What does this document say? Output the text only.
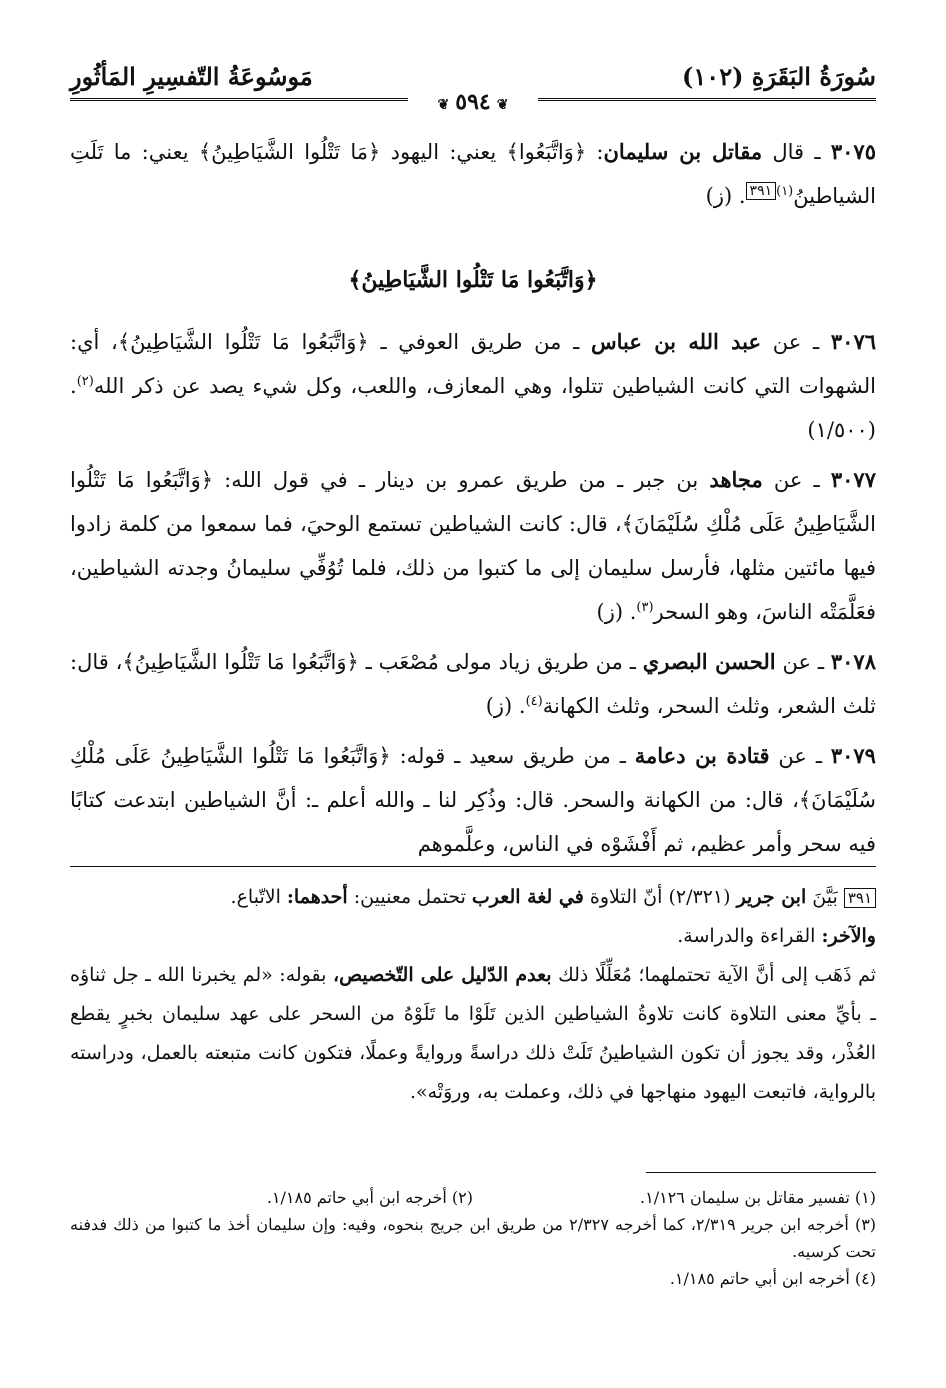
سُورَةُ البَقَرَةِ (١٠٢)
مَوسُوعَةُ التّفسِيرِ المَأثُورِ
❦٥٩٤❦

٣٠٧٥ ـ قال مقاتل بن سليمان: ﴿وَاتَّبَعُوا﴾ يعني: اليهود ﴿مَا تَتْلُوا الشَّيَاطِينُ﴾ يعني: ما تَلَتِ الشياطينُ$^{(١)٣٩١}$. (ز)

﴿وَاتَّبَعُوا مَا تَتْلُوا الشَّيَاطِينُ﴾

٣٠٧٦ ـ عن عبد الله بن عباس ـ من طريق العوفي ـ ﴿وَاتَّبَعُوا مَا تَتْلُوا الشَّيَاطِينُ﴾، أي: الشهوات التي كانت الشياطين تتلوا، وهي المعازف، واللعب، وكل شيء يصد عن ذكر الله$^{(٢)}$. (١/٥٠٠)

٣٠٧٧ ـ عن مجاهد بن جبر ـ من طريق عمرو بن دينار ـ في قول الله: ﴿وَاتَّبَعُوا مَا تَتْلُوا الشَّيَاطِينُ عَلَى مُلْكِ سُلَيْمَانَ﴾، قال: كانت الشياطين تستمع الوحيَ، فما سمعوا من كلمة زادوا فيها مائتين مثلها، فأرسل سليمان إلى ما كتبوا من ذلك، فلما تُوُفِّي سليمانُ وجدته الشياطين، فعَلَّمَتْه الناسَ، وهو السحر$^{(٣)}$. (ز)

٣٠٧٨ ـ عن الحسن البصري ـ من طريق زياد مولى مُصْعَب ـ ﴿وَاتَّبَعُوا مَا تَتْلُوا الشَّيَاطِينُ﴾، قال: ثلث الشعر، وثلث السحر، وثلث الكهانة$^{(٤)}$. (ز)

٣٠٧٩ ـ عن قتادة بن دعامة ـ من طريق سعيد ـ قوله: ﴿وَاتَّبَعُوا مَا تَتْلُوا الشَّيَاطِينُ عَلَى مُلْكِ سُلَيْمَانَ﴾، قال: من الكهانة والسحر. قال: وذُكِر لنا ـ والله أعلم ـ: أنَّ الشياطين ابتدعت كتابًا فيه سحر وأمر عظيم، ثم أَفْشَوْه في الناس، وعلَّموهم

٣٩١ بَيَّنَ ابن جرير (٢/٣٢١) أنّ التلاوة في لغة العرب تحتمل معنيين: أحدهما: الاتّباع.
والآخر: القراءة والدراسة.
ثم ذَهَب إلى أنَّ الآية تحتملهما؛ مُعَلِّلًا ذلك بعدم الدّليل على التّخصيص، بقوله: «لم يخبرنا الله ـ جل ثناؤه ـ بأيِّ معنى التلاوة كانت تلاوةُ الشياطين الذين تَلَوْا ما تَلَوْهُ من السحر على عهد سليمان بخبرٍ يقطع العُذْر، وقد يجوز أن تكون الشياطينُ تَلَتْ ذلك دراسةً وروايةً وعملًا، فتكون كانت متبعته بالعمل، ودراسته بالرواية، فاتبعت اليهود منهاجها في ذلك، وعملت به، وروَتْه».
(١) تفسير مقاتل بن سليمان ١/١٢٦.
(٢) أخرجه ابن أبي حاتم ١/١٨٥.
(٣) أخرجه ابن جرير ٢/٣١٩، كما أخرجه ٢/٣٢٧ من طريق ابن جريج بنحوه، وفيه: وإن سليمان أخذ ما كتبوا من ذلك فدفنه تحت كرسيه.
(٤) أخرجه ابن أبي حاتم ١/١٨٥.
